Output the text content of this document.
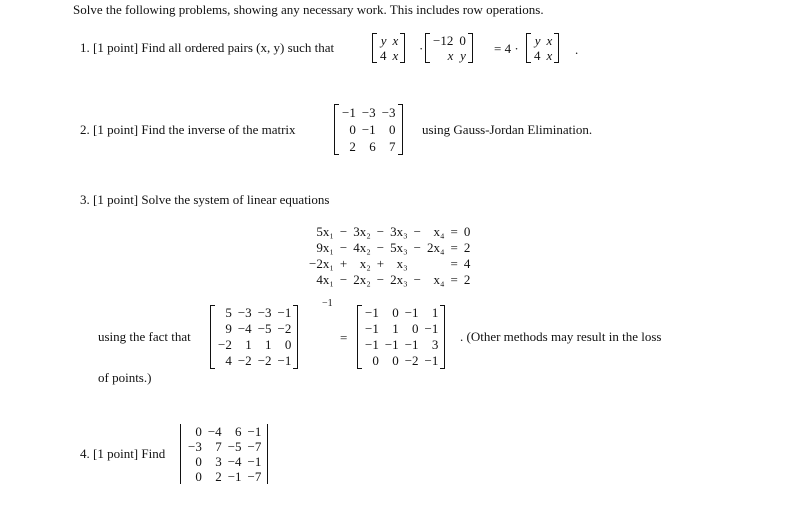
Solve the following problems, showing any necessary work. This includes row operations.
1. [1 point] Find all ordered pairs (x, y) such that	y	x
4	x ·
−12	0
x	y = 4 ·
y	x
4	x .
2. [1 point] Find the inverse of the matrix
−1	−3	−3
0	−1	0
2	6	7
using Gauss-Jordan Elimination.
3. [1 point] Solve the system of linear equations
5x₁	−	3x₂	−	3x₃	−	x₄	=	0
9x₁	−	4x₂	−	5x₃	−	2x₄	=	2
−2x₁	+	x₂	+	x₃			=	4
4x₁	−	2x₂	−	2x₃	−	x₄	=	2
using the fact that
5	−3	−3	−1
9	−4	−5	−2
−2	1	1	0
4	−2	−2	−1
−1
=
−1	0	−1	1
−1	1	0	−1
−1	−1	−1	3
0	0	−2	−1
. (Other methods may result in the loss
of points.)
4. [1 point] Find
0	−4	6	−1
−3	7	−5	−7
0	3	−4	−1
0	2	−1	−7
